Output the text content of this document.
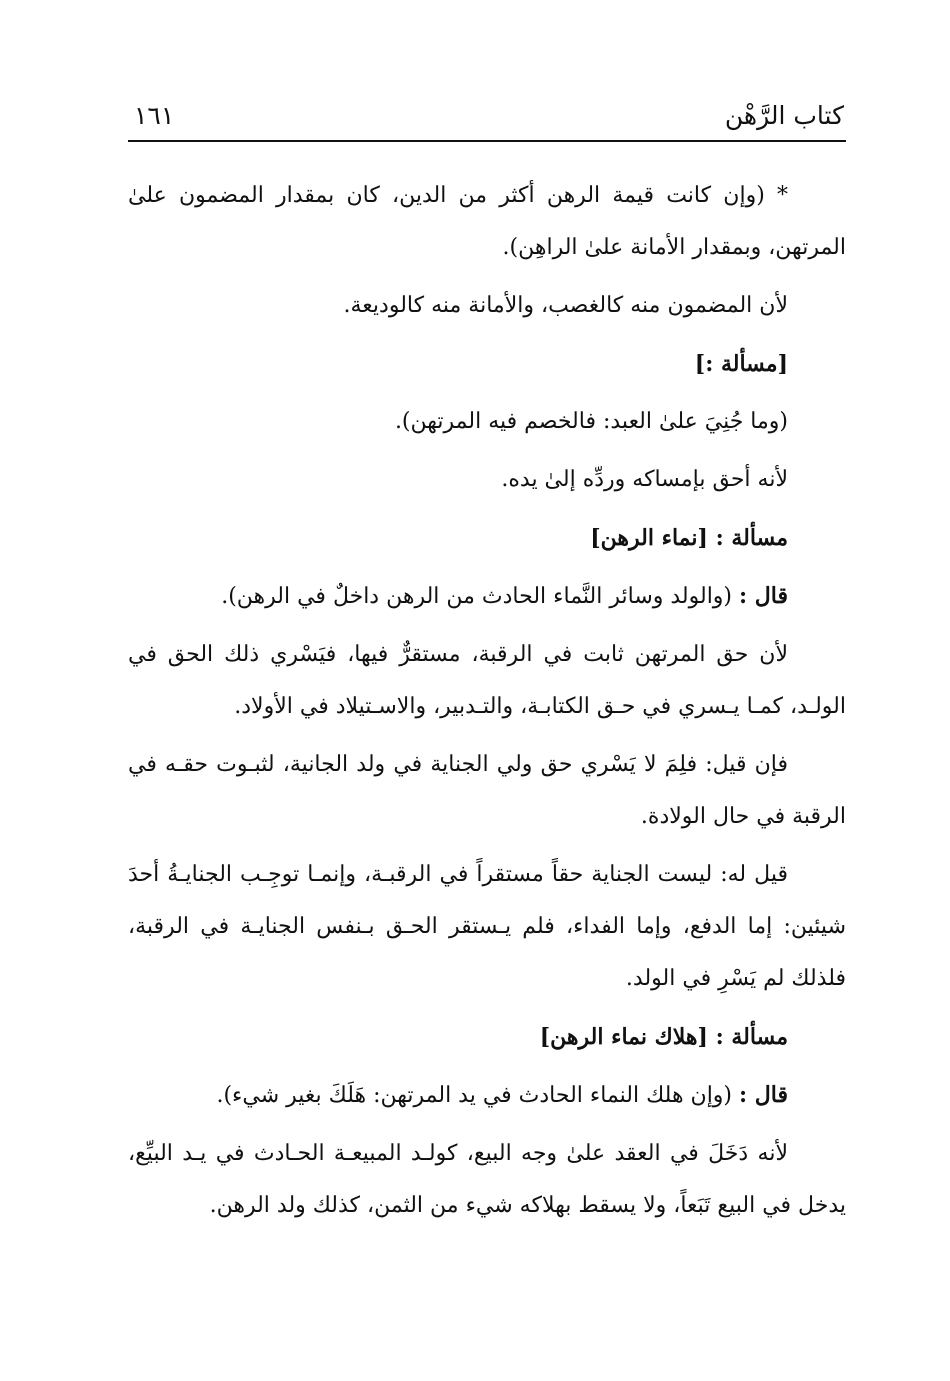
كتاب الرَّهْن
١٦١

* (وإن كانت قيمة الرهن أكثر من الدين، كان بمقدار المضمون علىٰ المرتهن، وبمقدار الأمانة علىٰ الراهِن).

لأن المضمون منه كالغصب، والأمانة منه كالوديعة.

[مسألة :]

(وما جُنِيَ علىٰ العبد: فالخصم فيه المرتهن).

لأنه أحق بإمساكه وردِّه إلىٰ يده.

مسألة : [نماء الرهن]

قال : (والولد وسائر النَّماء الحادث من الرهن داخلٌ في الرهن).

لأن حق المرتهن ثابت في الرقبة، مستقرٌّ فيها، فيَسْري ذلك الحق في الولـد، كمـا يـسري في حـق الكتابـة، والتـدبير، والاسـتيلاد في الأولاد.

فإن قيل: فلِمَ لا يَسْري حق ولي الجناية في ولد الجانية، لثبـوت حقـه في الرقبة في حال الولادة.

قيل له: ليست الجناية حقاً مستقراً في الرقبـة، وإنمـا توجِـب الجنايـةُ أحدَ شيئين: إما الدفع، وإما الفداء، فلم يـستقر الحـق بـنفس الجنايـة في الرقبة، فلذلك لم يَسْرِ في الولد.

مسألة : [هلاك نماء الرهن]

قال : (وإن هلك النماء الحادث في يد المرتهن: هَلَكَ بغير شيء).

لأنه دَخَلَ في العقد علىٰ وجه البيع، كولـد المبيعـة الحـادث في يـد البيِّع، يدخل في البيع تَبَعاً، ولا يسقط بهلاكه شيء من الثمن، كذلك ولد الرهن.
